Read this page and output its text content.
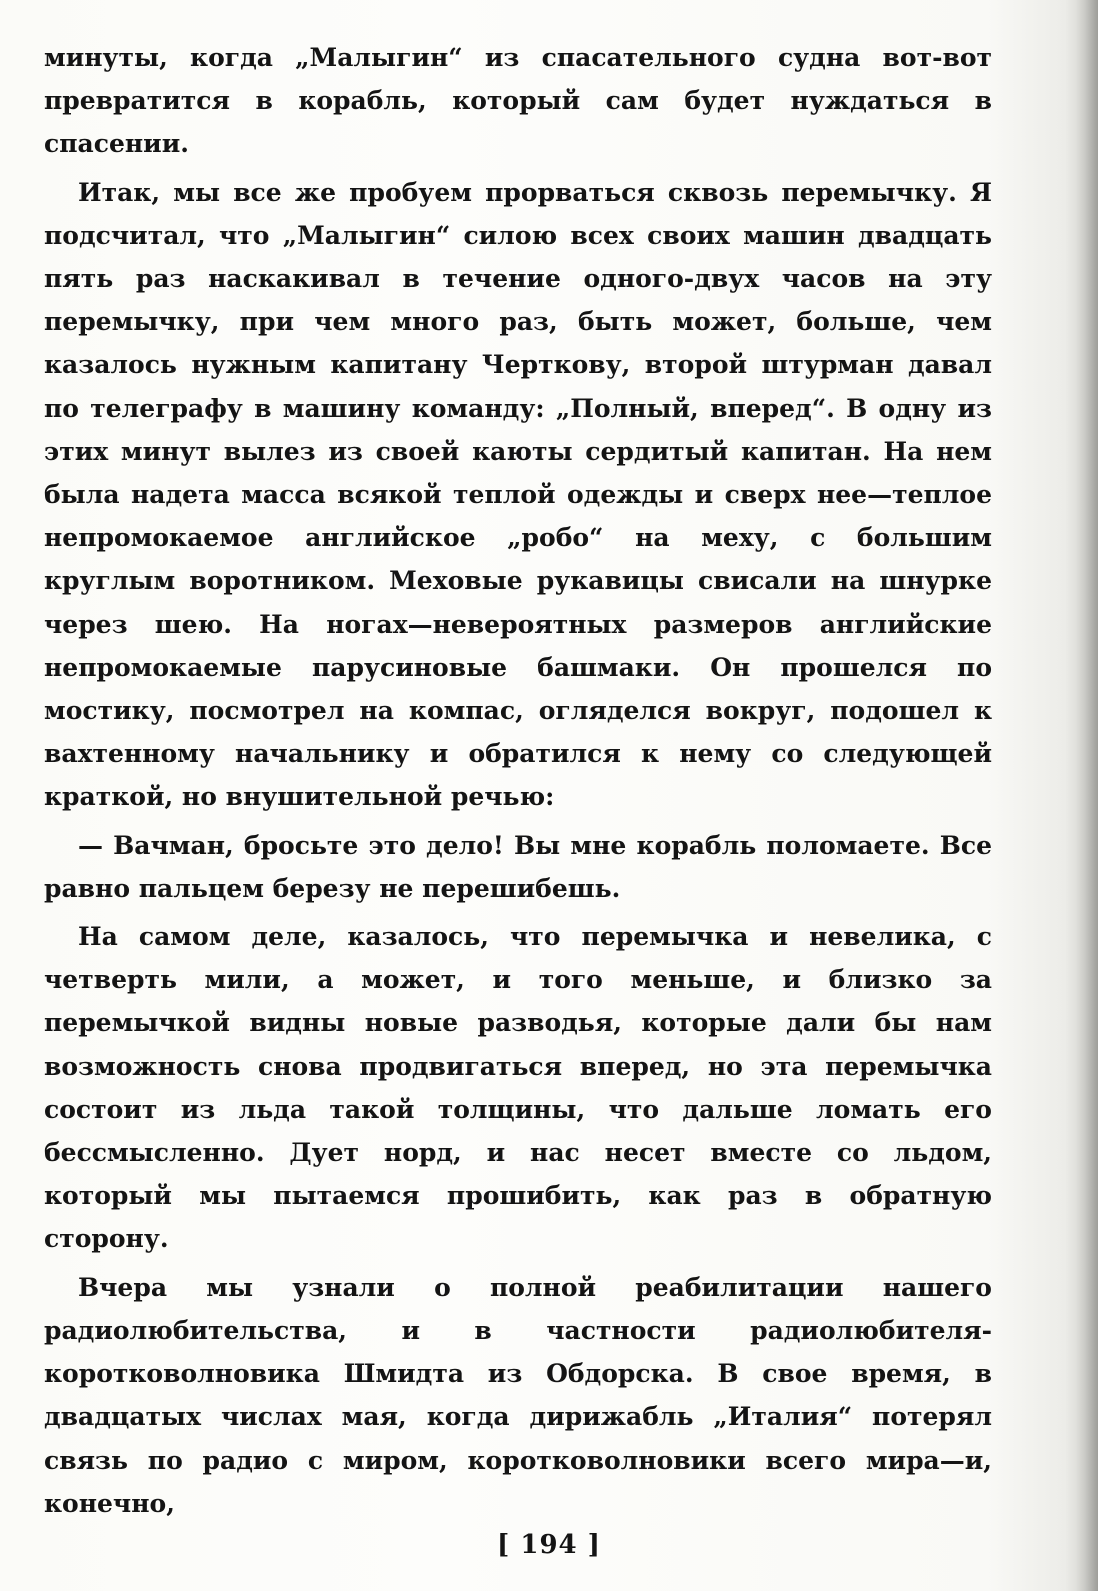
минуты, когда „Малыгин“ из спасательного судна вот-вот превратится в корабль, который сам будет нуждаться в спасении.

Итак, мы все же пробуем прорваться сквозь перемычку. Я подсчитал, что „Малыгин“ силою всех своих машин двадцать пять раз наскакивал в течение одного-двух часов на эту перемычку, при чем много раз, быть может, больше, чем казалось нужным капитану Черткову, второй штурман давал по телеграфу в машину команду: „Полный, вперед“. В одну из этих минут вылез из своей каюты сердитый капитан. На нем была надета масса всякой теплой одежды и сверх нее—теплое непромокаемое английское „робо“ на меху, с большим круглым воротником. Меховые рукавицы свисали на шнурке через шею. На ногах—невероятных размеров английские непромокаемые парусиновые башмаки. Он прошелся по мостику, посмотрел на компас, огляделся вокруг, подошел к вахтенному начальнику и обратился к нему со следующей краткой, но внушительной речью:

— Вачман, бросьте это дело! Вы мне корабль поломаете. Все равно пальцем березу не перешибешь.

На самом деле, казалось, что перемычка и невелика, с четверть мили, а может, и того меньше, и близко за перемычкой видны новые разводья, которые дали бы нам возможность снова продвигаться вперед, но эта перемычка состоит из льда такой толщины, что дальше ломать его бессмысленно. Дует норд, и нас несет вместе со льдом, который мы пытаемся прошибить, как раз в обратную сторону.

Вчера мы узнали о полной реабилитации нашего радиолюбительства, и в частности радиолюбителя-коротковолновика Шмидта из Обдорска. В свое время, в двадцатых числах мая, когда дирижабль „Италия“ потерял связь по радио с миром, коротковолновики всего мира—и, конечно,

[ 194 ]
